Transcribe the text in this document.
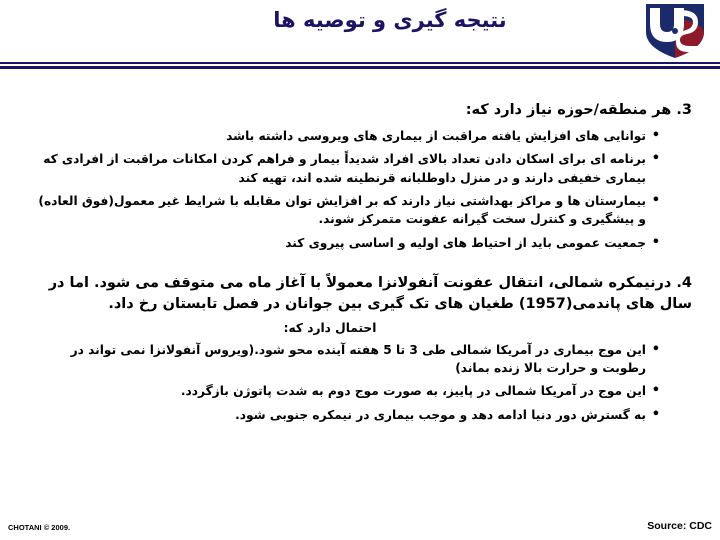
نتیجه گیری و توصیه ها

3. هر منطقه/حوزه نیاز دارد که:

• توانایی های افزایش یافته مراقبت از بیماری های ویروسی داشته باشد
• برنامه ای برای اسکان دادن تعداد بالای افراد شدیداً بیمار و فراهم کردن امکانات مراقبت از افرادی که بیماری خفیفی دارند و در منزل داوطلبانه قرنطینه شده اند، تهیه کند
• بیمارستان ها و مراکز بهداشتی نیاز دارند که بر افزایش توان مقابله با شرایط غیر معمول(فوق العاده) و پیشگیری و کنترل سخت گیرانه عفونت متمرکز شوند.
• جمعیت عمومی باید از احتیاط های اولیه و اساسی پیروی کند

4. درنیمکره شمالی، انتقال عفونت آنفولانزا معمولاً با آغاز ماه می متوقف می شود. اما در سال های پاندمی(1957) طغیان های تک گیری بین جوانان در فصل تابستان رخ داد.

احتمال دارد که:

• این موج بیماری در آمریکا شمالی طی 3 تا 5 هفته آینده محو شود.(ویروس آنفولانزا نمی تواند در رطوبت و حرارت بالا زنده بماند)
• این موج در آمریکا شمالی در پاییز، به صورت موج دوم به شدت پاتوژن بازگردد.
• به گسترش دور دنیا ادامه دهد و موجب بیماری در نیمکره جنوبی شود.
CHOTANI © 2009.	Source: CDC
